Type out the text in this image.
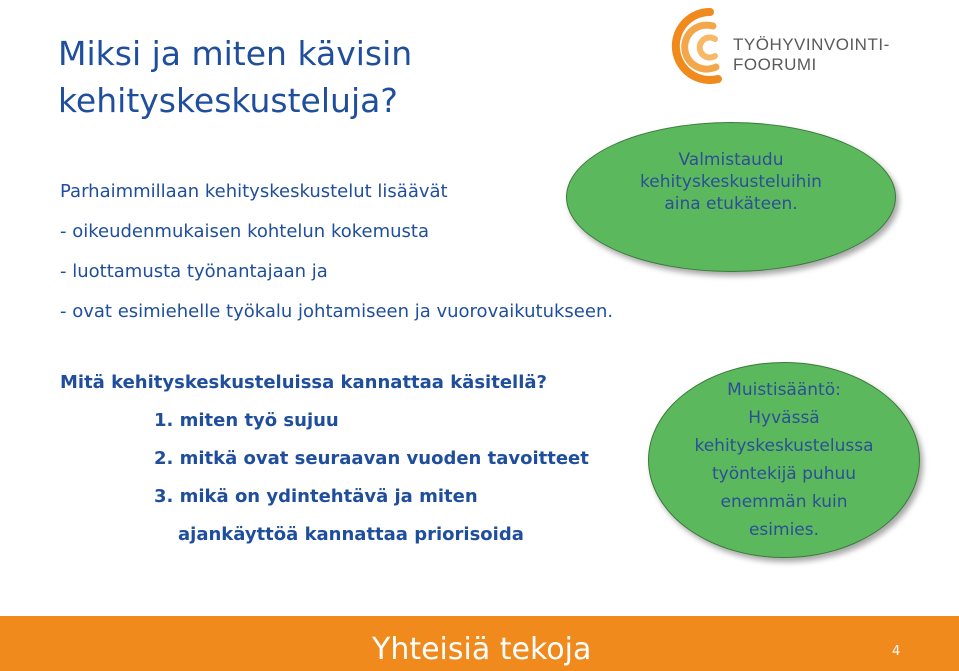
Miksi ja miten kävisin
kehityskeskusteluja?
TYÖHYVINVOINTI-
FOORUMI
Parhaimmillaan kehityskeskustelut lisäävät
- oikeudenmukaisen kohtelun kokemusta
- luottamusta työnantajaan ja
- ovat esimiehelle työkalu johtamiseen ja vuorovaikutukseen.
Mitä kehityskeskusteluissa kannattaa käsitellä?
1. miten työ sujuu
2. mitkä ovat seuraavan vuoden tavoitteet
3. mikä on ydintehtävä ja miten
ajankäyttöä kannattaa priorisoida
Valmistaudu
kehityskeskusteluihin
aina etukäteen.
Muistisääntö:
Hyvässä
kehityskeskustelussa
työntekijä puhuu
enemmän kuin
esimies.
Yhteisiä tekoja	4
